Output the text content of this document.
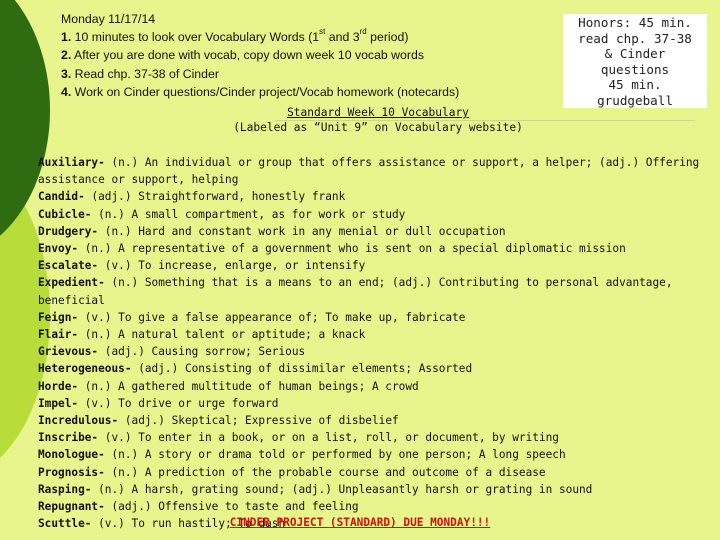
Monday 11/17/14
1. 10 minutes to look over Vocabulary Words (1st and 3rd period)
2. After you are done with vocab, copy down week 10 vocab words
3. Read chp. 37-38 of Cinder
4. Work on Cinder questions/Cinder project/Vocab homework (notecards)
Honors: 45 min.
read chp. 37-38
& Cinder
questions
45 min.
grudgeball
Standard Week 10 Vocabulary
(Labeled as “Unit 9” on Vocabulary website)
Auxiliary- (n.) An individual or group that offers assistance or support, a helper; (adj.) Offering assistance or support, helping
Candid- (adj.) Straightforward, honestly frank
Cubicle- (n.) A small compartment, as for work or study
Drudgery- (n.) Hard and constant work in any menial or dull occupation
Envoy- (n.) A representative of a government who is sent on a special diplomatic mission
Escalate- (v.) To increase, enlarge, or intensify
Expedient- (n.) Something that is a means to an end; (adj.) Contributing to personal advantage, beneficial
Feign- (v.) To give a false appearance of; To make up, fabricate
Flair- (n.) A natural talent or aptitude; a knack
Grievous- (adj.) Causing sorrow; Serious
Heterogeneous- (adj.) Consisting of dissimilar elements; Assorted
Horde- (n.) A gathered multitude of human beings; A crowd
Impel- (v.) To drive or urge forward
Incredulous- (adj.) Skeptical; Expressive of disbelief
Inscribe- (v.) To enter in a book, or on a list, roll, or document, by writing
Monologue- (n.) A story or drama told or performed by one person; A long speech
Prognosis- (n.) A prediction of the probable course and outcome of a disease
Rasping- (n.) A harsh, grating sound; (adj.) Unpleasantly harsh or grating in sound
Repugnant- (adj.) Offensive to taste and feeling
Scuttle- (v.) To run hastily; To dash
CINDER PROJECT (STANDARD) DUE MONDAY!!!
